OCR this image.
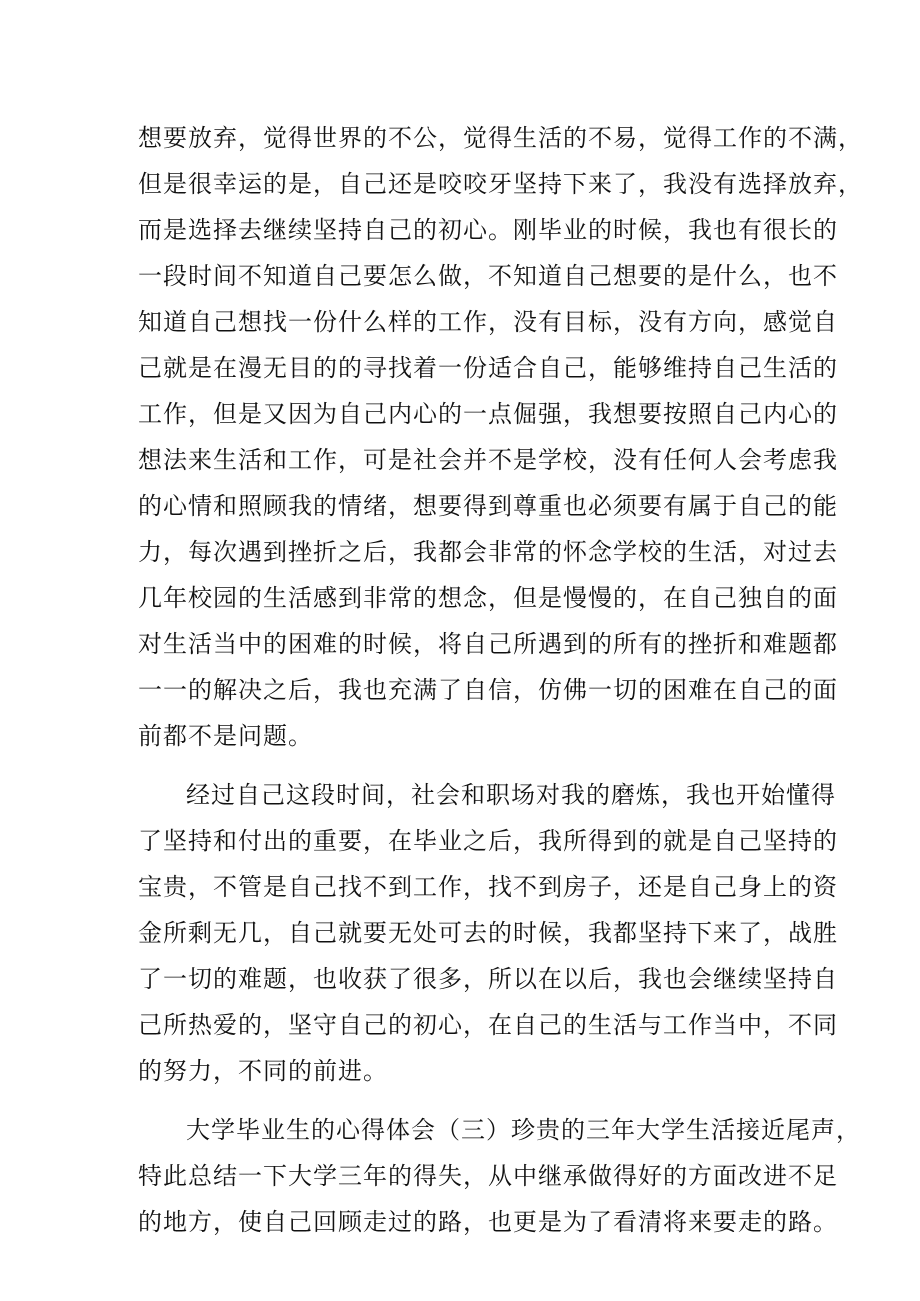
想要放弃，觉得世界的不公，觉得生活的不易，觉得工作的不满，
但是很幸运的是，自己还是咬咬牙坚持下来了，我没有选择放弃，
而是选择去继续坚持自己的初心。刚毕业的时候，我也有很长的
一段时间不知道自己要怎么做，不知道自己想要的是什么，也不
知道自己想找一份什么样的工作，没有目标，没有方向，感觉自
己就是在漫无目的的寻找着一份适合自己，能够维持自己生活的
工作，但是又因为自己内心的一点倔强，我想要按照自己内心的
想法来生活和工作，可是社会并不是学校，没有任何人会考虑我
的心情和照顾我的情绪，想要得到尊重也必须要有属于自己的能
力，每次遇到挫折之后，我都会非常的怀念学校的生活，对过去
几年校园的生活感到非常的想念，但是慢慢的，在自己独自的面
对生活当中的困难的时候，将自己所遇到的所有的挫折和难题都
一一的解决之后，我也充满了自信，仿佛一切的困难在自己的面
前都不是问题。
经过自己这段时间，社会和职场对我的磨炼，我也开始懂得
了坚持和付出的重要，在毕业之后，我所得到的就是自己坚持的
宝贵，不管是自己找不到工作，找不到房子，还是自己身上的资
金所剩无几，自己就要无处可去的时候，我都坚持下来了，战胜
了一切的难题，也收获了很多，所以在以后，我也会继续坚持自
己所热爱的，坚守自己的初心，在自己的生活与工作当中，不同
的努力，不同的前进。
大学毕业生的心得体会（三）珍贵的三年大学生活接近尾声，
特此总结一下大学三年的得失，从中继承做得好的方面改进不足
的地方，使自己回顾走过的路，也更是为了看清将来要走的路。
